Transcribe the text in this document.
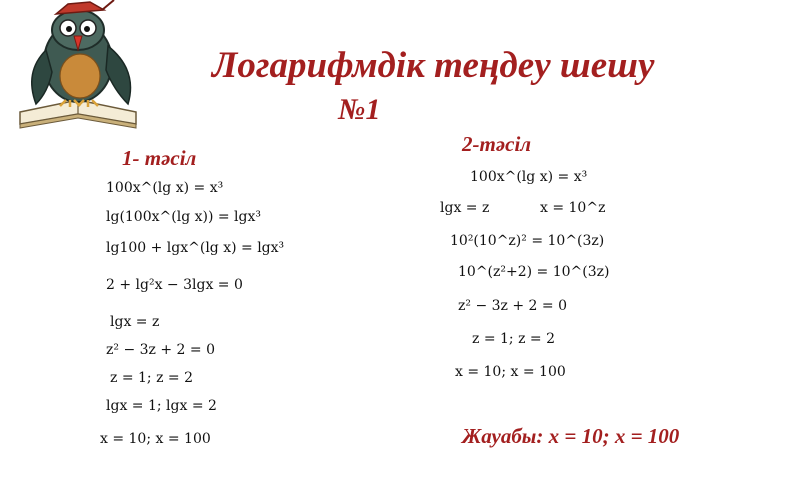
Логарифмдік теңдеу шешу
№1
1- тәсіл
100x^(lg x) = x³
lg(100x^(lg x)) = lgx³
lg100 + lgx^(lg x) = lgx³
2 + lg²x − 3lgx = 0
lgx = z
z² − 3z + 2 = 0
z = 1; z = 2
lgx = 1; lgx = 2
x = 10; x = 100
2-тәсіл
100x^(lg x) = x³
lgx = z	x = 10^z
10²(10^z)² = 10^(3z)
10^(z²+2) = 10^(3z)
z² − 3z + 2 = 0
z = 1; z = 2
x = 10; x = 100
Жауабы: x = 10; x = 100
